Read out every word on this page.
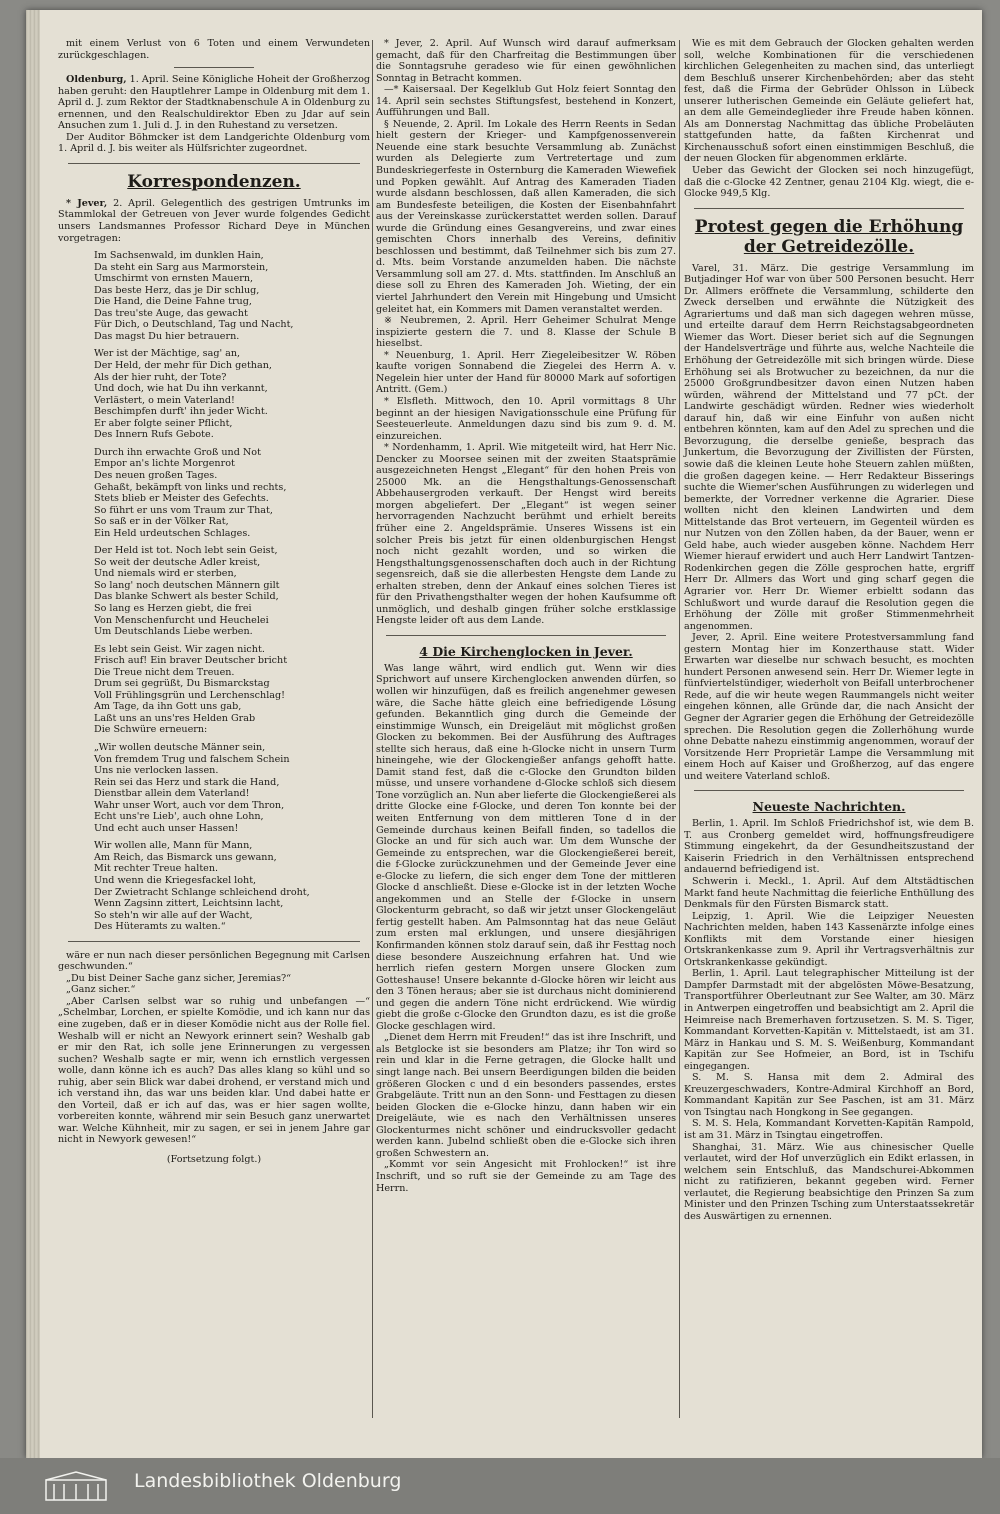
mit einem Verlust von 6 Toten und einem Verwundeten zurückgeschlagen.

Oldenburg, 1. April. Seine Königliche Hoheit der Großherzog haben geruht: den Hauptlehrer Lampe in Oldenburg mit dem 1. April d. J. zum Rektor der Stadtknabenschule A in Oldenburg zu ernennen, und den Realschuldirektor Eben zu Jdar auf sein Ansuchen zum 1. Juli d. J. in den Ruhestand zu versetzen.

Der Auditor Böhmcker ist dem Landgerichte Oldenburg vom 1. April d. J. bis weiter als Hülfsrichter zugeordnet.

Korrespondenzen.

* Jever, 2. April. Gelegentlich des gestrigen Umtrunks im Stammlokal der Getreuen von Jever wurde folgendes Gedicht unsers Landsmannes Professor Richard Deye in München vorgetragen:

Im Sachsenwald, im dunklen Hain,
Da steht ein Sarg aus Marmorstein,
Umschirmt von ernsten Mauern,
Das beste Herz, das je Dir schlug,
Die Hand, die Deine Fahne trug,
Das treu'ste Auge, das gewacht
Für Dich, o Deutschland, Tag und Nacht,
Das magst Du hier betrauern.
Wer ist der Mächtige, sag' an,
Der Held, der mehr für Dich gethan,
Als der hier ruht, der Tote?
Und doch, wie hat Du ihn verkannt,
Verlästert, o mein Vaterland!
Beschimpfen durft' ihn jeder Wicht.
Er aber folgte seiner Pflicht,
Des Innern Rufs Gebote.
Durch ihn erwachte Groß und Not
Empor an's lichte Morgenrot
Des neuen großen Tages.
Gehaßt, bekämpft von links und rechts,
Stets blieb er Meister des Gefechts.
So führt er uns vom Traum zur That,
So saß er in der Völker Rat,
Ein Held urdeutschen Schlages.
Der Held ist tot. Noch lebt sein Geist,
So weit der deutsche Adler kreist,
Und niemals wird er sterben,
So lang' noch deutschen Männern gilt
Das blanke Schwert als bester Schild,
So lang es Herzen giebt, die frei
Von Menschenfurcht und Heuchelei
Um Deutschlands Liebe werben.
Es lebt sein Geist. Wir zagen nicht.
Frisch auf! Ein braver Deutscher bricht
Die Treue nicht dem Treuen.
Drum sei gegrüßt, Du Bismarckstag
Voll Frühlingsgrün und Lerchenschlag!
Am Tage, da ihn Gott uns gab,
Laßt uns an uns'res Helden Grab
Die Schwüre erneuern:
„Wir wollen deutsche Männer sein,
Von fremdem Trug und falschem Schein
Uns nie verlocken lassen.
Rein sei das Herz und stark die Hand,
Dienstbar allein dem Vaterland!
Wahr unser Wort, auch vor dem Thron,
Echt uns're Lieb', auch ohne Lohn,
Und echt auch unser Hassen!
Wir wollen alle, Mann für Mann,
Am Reich, das Bismarck uns gewann,
Mit rechter Treue halten.
Und wenn die Kriegesfackel loht,
Der Zwietracht Schlange schleichend droht,
Wenn Zagsinn zittert, Leichtsinn lacht,
So steh'n wir alle auf der Wacht,
Des Hüteramts zu walten.“

wäre er nun nach dieser persönlichen Begegnung mit Carlsen geschwunden.“

„Du bist Deiner Sache ganz sicher, Jeremias?“

„Ganz sicher.“

„Aber Carlsen selbst war so ruhig und unbefangen —“ „Schelmbar, Lorchen, er spielte Komödie, und ich kann nur das eine zugeben, daß er in dieser Komödie nicht aus der Rolle fiel. Weshalb will er nicht an Newyork erinnert sein? Weshalb gab er mir den Rat, ich solle jene Erinnerungen zu vergessen suchen? Weshalb sagte er mir, wenn ich ernstlich vergessen wolle, dann könne ich es auch? Das alles klang so kühl und so ruhig, aber sein Blick war dabei drohend, er verstand mich und ich verstand ihn, das war uns beiden klar. Und dabei hatte er den Vorteil, daß er ich auf das, was er hier sagen wollte, vorbereiten konnte, während mir sein Besuch ganz unerwartet war. Welche Kühnheit, mir zu sagen, er sei in jenem Jahre gar nicht in Newyork gewesen!“

(Fortsetzung folgt.)

* Jever, 2. April. Auf Wunsch wird darauf aufmerksam gemacht, daß für den Charfreitag die Bestimmungen über die Sonntagsruhe geradeso wie für einen gewöhnlichen Sonntag in Betracht kommen.

—* Kaisersaal. Der Kegelklub Gut Holz feiert Sonntag den 14. April sein sechstes Stiftungsfest, bestehend in Konzert, Aufführungen und Ball.

§ Neuende, 2. April. Im Lokale des Herrn Reents in Sedan hielt gestern der Krieger- und Kampfgenossenverein Neuende eine stark besuchte Versammlung ab. Zunächst wurden als Delegierte zum Vertretertage und zum Bundeskriegerfeste in Osternburg die Kameraden Wiewefiek und Popken gewählt. Auf Antrag des Kameraden Tiaden wurde alsdann beschlossen, daß allen Kameraden, die sich am Bundesfeste beteiligen, die Kosten der Eisenbahnfahrt aus der Vereinskasse zurückerstattet werden sollen. Darauf wurde die Gründung eines Gesangvereins, und zwar eines gemischten Chors innerhalb des Vereins, definitiv beschlossen und bestimmt, daß Teilnehmer sich bis zum 27. d. Mts. beim Vorstande anzumelden haben. Die nächste Versammlung soll am 27. d. Mts. stattfinden. Im Anschluß an diese soll zu Ehren des Kameraden Joh. Wieting, der ein viertel Jahrhundert den Verein mit Hingebung und Umsicht geleitet hat, ein Kommers mit Damen veranstaltet werden.

※ Neubremen, 2. April. Herr Geheimer Schulrat Menge inspizierte gestern die 7. und 8. Klasse der Schule B hieselbst.

* Neuenburg, 1. April. Herr Ziegeleibesitzer W. Röben kaufte vorigen Sonnabend die Ziegelei des Herrn A. v. Negelein hier unter der Hand für 80000 Mark auf sofortigen Antritt. (Gem.)

* Elsfleth. Mittwoch, den 10. April vormittags 8 Uhr beginnt an der hiesigen Navigationsschule eine Prüfung für Seesteuerleute. Anmeldungen dazu sind bis zum 9. d. M. einzureichen.

* Nordenhamm, 1. April. Wie mitgeteilt wird, hat Herr Nic. Dencker zu Moorsee seinen mit der zweiten Staatsprämie ausgezeichneten Hengst „Elegant“ für den hohen Preis von 25000 Mk. an die Hengsthaltungs-Genossenschaft Abbehausergroden verkauft. Der Hengst wird bereits morgen abgeliefert. Der „Elegant“ ist wegen seiner hervorragenden Nachzucht berühmt und erhielt bereits früher eine 2. Angeldsprämie. Unseres Wissens ist ein solcher Preis bis jetzt für einen oldenburgischen Hengst noch nicht gezahlt worden, und so wirken die Hengsthaltungsgenossenschaften doch auch in der Richtung segensreich, daß sie die allerbesten Hengste dem Lande zu erhalten streben, denn der Ankauf eines solchen Tieres ist für den Privathengsthalter wegen der hohen Kaufsumme oft unmöglich, und deshalb gingen früher solche erstklassige Hengste leider oft aus dem Lande.

4 Die Kirchenglocken in Jever.

Was lange währt, wird endlich gut. Wenn wir dies Sprichwort auf unsere Kirchenglocken anwenden dürfen, so wollen wir hinzufügen, daß es freilich angenehmer gewesen wäre, die Sache hätte gleich eine befriedigende Lösung gefunden. Bekanntlich ging durch die Gemeinde der einstimmige Wunsch, ein Dreigeläut mit möglichst großen Glocken zu bekommen. Bei der Ausführung des Auftrages stellte sich heraus, daß eine h-Glocke nicht in unsern Turm hineingehe, wie der Glockengießer anfangs gehofft hatte. Damit stand fest, daß die c-Glocke den Grundton bilden müsse, und unsere vorhandene d-Glocke schloß sich diesem Tone vorzüglich an. Nun aber lieferte die Glockengießerei als dritte Glocke eine f-Glocke, und deren Ton konnte bei der weiten Entfernung von dem mittleren Tone d in der Gemeinde durchaus keinen Beifall finden, so tadellos die Glocke an und für sich auch war. Um dem Wunsche der Gemeinde zu entsprechen, war die Glockengießerei bereit, die f-Glocke zurückzunehmen und der Gemeinde Jever eine e-Glocke zu liefern, die sich enger dem Tone der mittleren Glocke d anschließt. Diese e-Glocke ist in der letzten Woche angekommen und an Stelle der f-Glocke in unsern Glockenturm gebracht, so daß wir jetzt unser Glockengeläut fertig gestellt haben. Am Palmsonntag hat das neue Geläut zum ersten mal erklungen, und unsere diesjährigen Konfirmanden können stolz darauf sein, daß ihr Festtag noch diese besondere Auszeichnung erfahren hat. Und wie herrlich riefen gestern Morgen unsere Glocken zum Gotteshause! Unsere bekannte d-Glocke hören wir leicht aus den 3 Tönen heraus; aber sie ist durchaus nicht dominierend und gegen die andern Töne nicht erdrückend. Wie würdig giebt die große c-Glocke den Grundton dazu, es ist die große Glocke geschlagen wird.

„Dienet dem Herrn mit Freuden!“ das ist ihre Inschrift, und als Betglocke ist sie besonders am Platze; ihr Ton wird so rein und klar in die Ferne getragen, die Glocke hallt und singt lange nach. Bei unsern Beerdigungen bilden die beiden größeren Glocken c und d ein besonders passendes, erstes Grabgeläute. Tritt nun an den Sonn- und Festtagen zu diesen beiden Glocken die e-Glocke hinzu, dann haben wir ein Dreigeläute, wie es nach den Verhältnissen unseres Glockenturmes nicht schöner und eindrucksvoller gedacht werden kann. Jubelnd schließt oben die e-Glocke sich ihren großen Schwestern an.

„Kommt vor sein Angesicht mit Frohlocken!“ ist ihre Inschrift, und so ruft sie der Gemeinde zu am Tage des Herrn.

Wie es mit dem Gebrauch der Glocken gehalten werden soll, welche Kombinationen für die verschiedenen kirchlichen Gelegenheiten zu machen sind, das unterliegt dem Beschluß unserer Kirchenbehörden; aber das steht fest, daß die Firma der Gebrüder Ohlsson in Lübeck unserer lutherischen Gemeinde ein Geläute geliefert hat, an dem alle Gemeindeglieder ihre Freude haben können. Als am Donnerstag Nachmittag das übliche Probeläuten stattgefunden hatte, da faßten Kirchenrat und Kirchenausschuß sofort einen einstimmigen Beschluß, die der neuen Glocken für abgenommen erklärte.

Ueber das Gewicht der Glocken sei noch hinzugefügt, daß die c-Glocke 42 Zentner, genau 2104 Klg. wiegt, die e-Glocke 949,5 Klg.

Protest gegen die Erhöhung der Getreidezölle.

Varel, 31. März. Die gestrige Versammlung im Butjadinger Hof war von über 500 Personen besucht. Herr Dr. Allmers eröffnete die Versammlung, schilderte den Zweck derselben und erwähnte die Nützigkeit des Agrariertums und daß man sich dagegen wehren müsse, und erteilte darauf dem Herrn Reichstagsabgeordneten Wiemer das Wort. Dieser beriet sich auf die Segnungen der Handelsverträge und führte aus, welche Nachteile die Erhöhung der Getreidezölle mit sich bringen würde. Diese Erhöhung sei als Brotwucher zu bezeichnen, da nur die 25000 Großgrundbesitzer davon einen Nutzen haben würden, während der Mittelstand und 77 pCt. der Landwirte geschädigt würden. Redner wies wiederholt darauf hin, daß wir eine Einfuhr von außen nicht entbehren könnten, kam auf den Adel zu sprechen und die Bevorzugung, die derselbe genieße, besprach das Junkertum, die Bevorzugung der Zivillisten der Fürsten, sowie daß die kleinen Leute hohe Steuern zahlen müßten, die großen dagegen keine. — Herr Redakteur Bisserings suchte die Wiemer'schen Ausführungen zu widerlegen und bemerkte, der Vorredner verkenne die Agrarier. Diese wollten nicht den kleinen Landwirten und dem Mittelstande das Brot verteuern, im Gegenteil würden es nur Nutzen von den Zöllen haben, da der Bauer, wenn er Geld habe, auch wieder ausgeben könne. Nachdem Herr Wiemer hierauf erwidert und auch Herr Landwirt Tantzen-Rodenkirchen gegen die Zölle gesprochen hatte, ergriff Herr Dr. Allmers das Wort und ging scharf gegen die Agrarier vor. Herr Dr. Wiemer erbieltt sodann das Schlußwort und wurde darauf die Resolution gegen die Erhöhung der Zölle mit großer Stimmenmehrheit angenommen.

Jever, 2. April. Eine weitere Protestversammlung fand gestern Montag hier im Konzerthause statt. Wider Erwarten war dieselbe nur schwach besucht, es mochten hundert Personen anwesend sein. Herr Dr. Wiemer legte in fünfviertelstündiger, wiederholt von Beifall unterbrochener Rede, auf die wir heute wegen Raummangels nicht weiter eingehen können, alle Gründe dar, die nach Ansicht der Gegner der Agrarier gegen die Erhöhung der Getreidezölle sprechen. Die Resolution gegen die Zollerhöhung wurde ohne Debatte nahezu einstimmig angenommen, worauf der Vorsitzende Herr Proprietär Lampe die Versammlung mit einem Hoch auf Kaiser und Großherzog, auf das engere und weitere Vaterland schloß.

Neueste Nachrichten.

Berlin, 1. April. Im Schloß Friedrichshof ist, wie dem B. T. aus Cronberg gemeldet wird, hoffnungsfreudigere Stimmung eingekehrt, da der Gesundheitszustand der Kaiserin Friedrich in den Verhältnissen entsprechend andauernd befriedigend ist.

Schwerin i. Meckl., 1. April. Auf dem Altstädtischen Markt fand heute Nachmittag die feierliche Enthüllung des Denkmals für den Fürsten Bismarck statt.

Leipzig, 1. April. Wie die Leipziger Neuesten Nachrichten melden, haben 143 Kassenärzte infolge eines Konflikts mit dem Vorstande einer hiesigen Ortskrankenkasse zum 9. April ihr Vertragsverhältnis zur Ortskrankenkasse gekündigt.

Berlin, 1. April. Laut telegraphischer Mitteilung ist der Dampfer Darmstadt mit der abgelösten Möwe-Besatzung, Transportführer Oberleutnant zur See Walter, am 30. März in Antwerpen eingetroffen und beabsichtigt am 2. April die Heimreise nach Bremerhaven fortzusetzen. S. M. S. Tiger, Kommandant Korvetten-Kapitän v. Mittelstaedt, ist am 31. März in Hankau und S. M. S. Weißenburg, Kommandant Kapitän zur See Hofmeier, an Bord, ist in Tschifu eingegangen.

S. M. S. Hansa mit dem 2. Admiral des Kreuzergeschwaders, Kontre-Admiral Kirchhoff an Bord, Kommandant Kapitän zur See Paschen, ist am 31. März von Tsingtau nach Hongkong in See gegangen.

S. M. S. Hela, Kommandant Korvetten-Kapitän Rampold, ist am 31. März in Tsingtau eingetroffen.

Shanghai, 31. März. Wie aus chinesischer Quelle verlautet, wird der Hof unverzüglich ein Edikt erlassen, in welchem sein Entschluß, das Mandschurei-Abkommen nicht zu ratifizieren, bekannt gegeben wird. Ferner verlautet, die Regierung beabsichtige den Prinzen Sa zum Minister und den Prinzen Tsching zum Unterstaatssekretär des Auswärtigen zu ernennen.

Landesbibliothek Oldenburg
